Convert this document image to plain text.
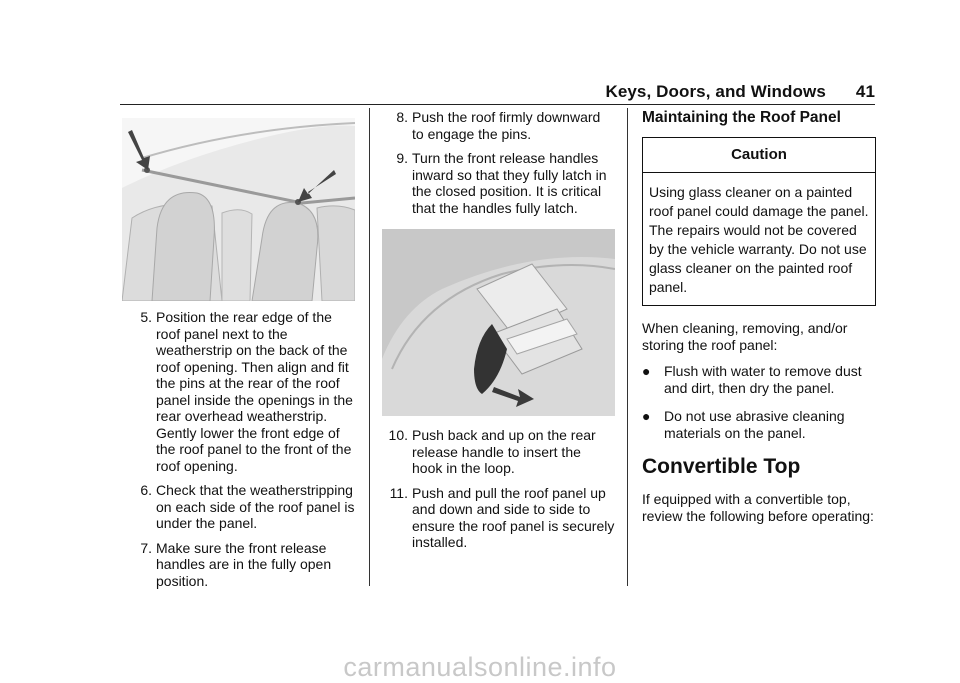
Keys, Doors, and Windows 41
5. Position the rear edge of the roof panel next to the weatherstrip on the back of the roof opening. Then align and fit the pins at the rear of the roof panel inside the openings in the rear overhead weatherstrip. Gently lower the front edge of the roof panel to the front of the roof opening.
6. Check that the weatherstripping on each side of the roof panel is under the panel.
7. Make sure the front release handles are in the fully open position.
8. Push the roof firmly downward to engage the pins.
9. Turn the front release handles inward so that they fully latch in the closed position. It is critical that the handles fully latch.
10. Push back and up on the rear release handle to insert the hook in the loop.
11. Push and pull the roof panel up and down and side to side to ensure the roof panel is securely installed.
Maintaining the Roof Panel
Caution
Using glass cleaner on a painted roof panel could damage the panel. The repairs would not be covered by the vehicle warranty. Do not use glass cleaner on the painted roof panel.
When cleaning, removing, and/or storing the roof panel:
● Flush with water to remove dust and dirt, then dry the panel.
● Do not use abrasive cleaning materials on the panel.
Convertible Top
If equipped with a convertible top, review the following before operating:
carmanualsonline.info
